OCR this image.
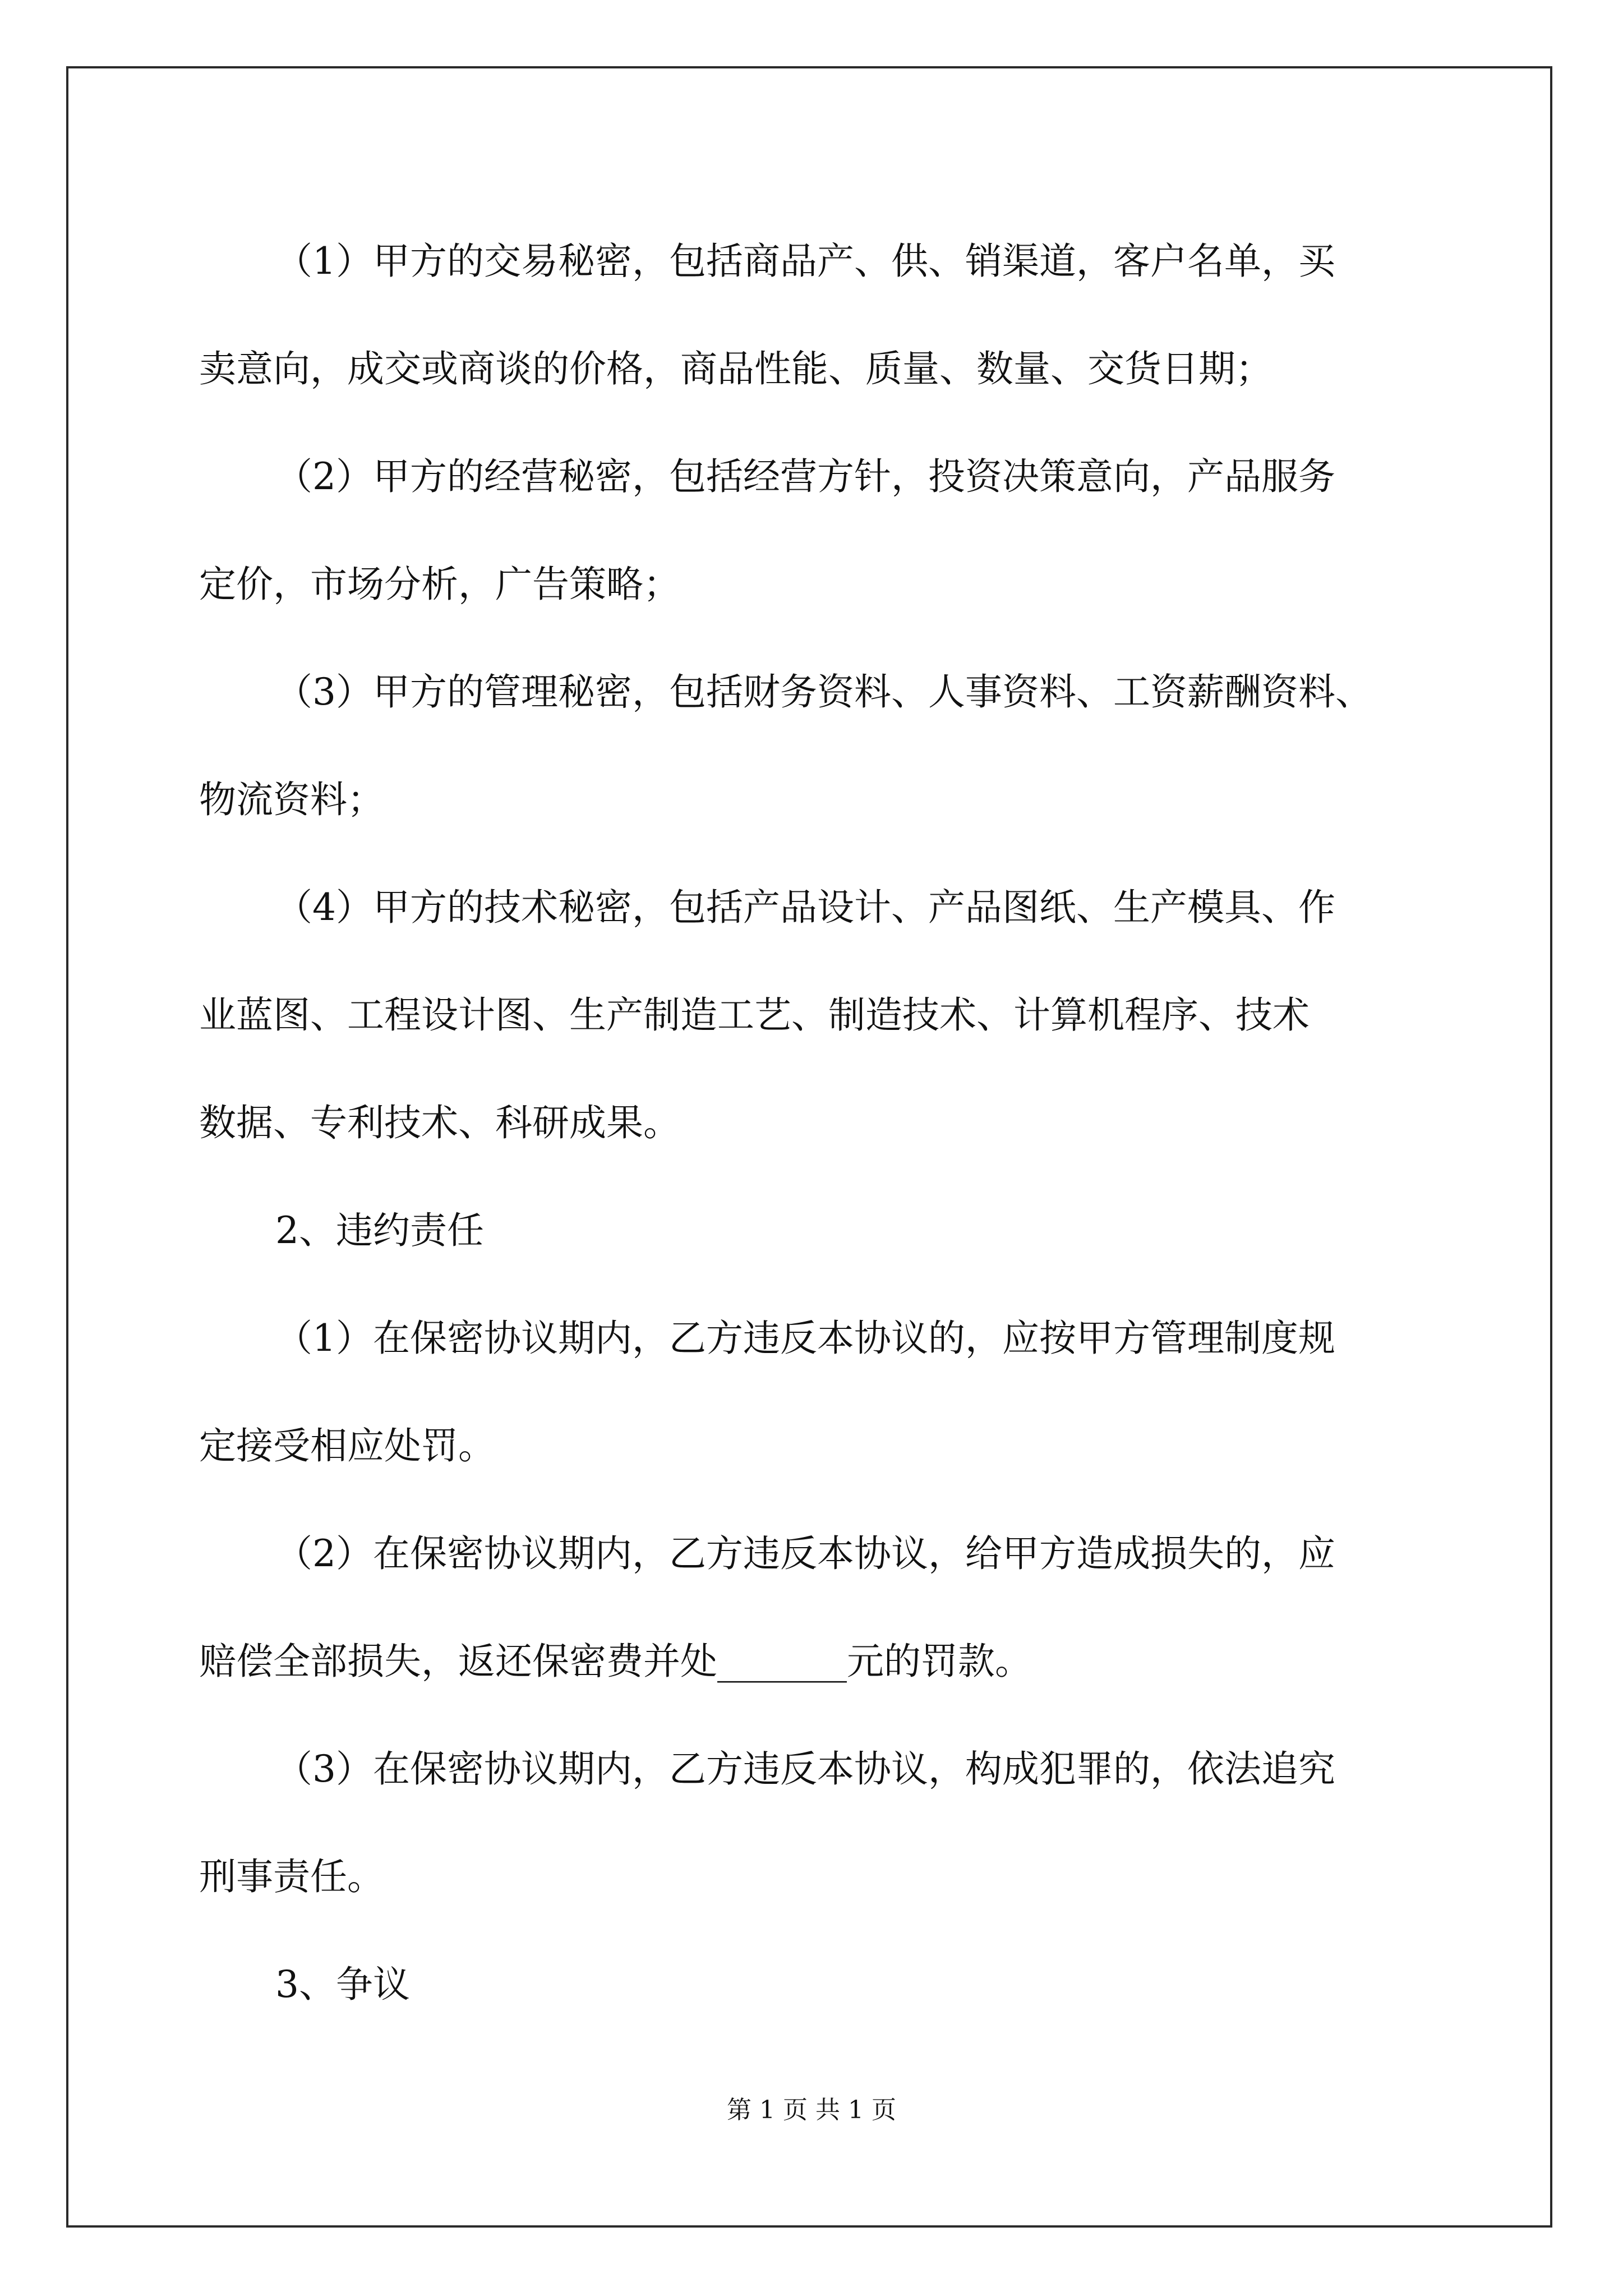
（1）甲方的交易秘密，包括商品产、供、销渠道，客户名单，买
卖意向，成交或商谈的价格，商品性能、质量、数量、交货日期；

（2）甲方的经营秘密，包括经营方针，投资决策意向，产品服务
定价，市场分析，广告策略；

（3）甲方的管理秘密，包括财务资料、人事资料、工资薪酬资料、
物流资料；

（4）甲方的技术秘密，包括产品设计、产品图纸、生产模具、作
业蓝图、工程设计图、生产制造工艺、制造技术、计算机程序、技术
数据、专利技术、科研成果。

2、违约责任

（1）在保密协议期内，乙方违反本协议的，应按甲方管理制度规
定接受相应处罚。

（2）在保密协议期内，乙方违反本协议，给甲方造成损失的，应
赔偿全部损失，返还保密费并处_______元的罚款。

（3）在保密协议期内，乙方违反本协议，构成犯罪的，依法追究
刑事责任。

3、争议

第 1 页 共 1 页
